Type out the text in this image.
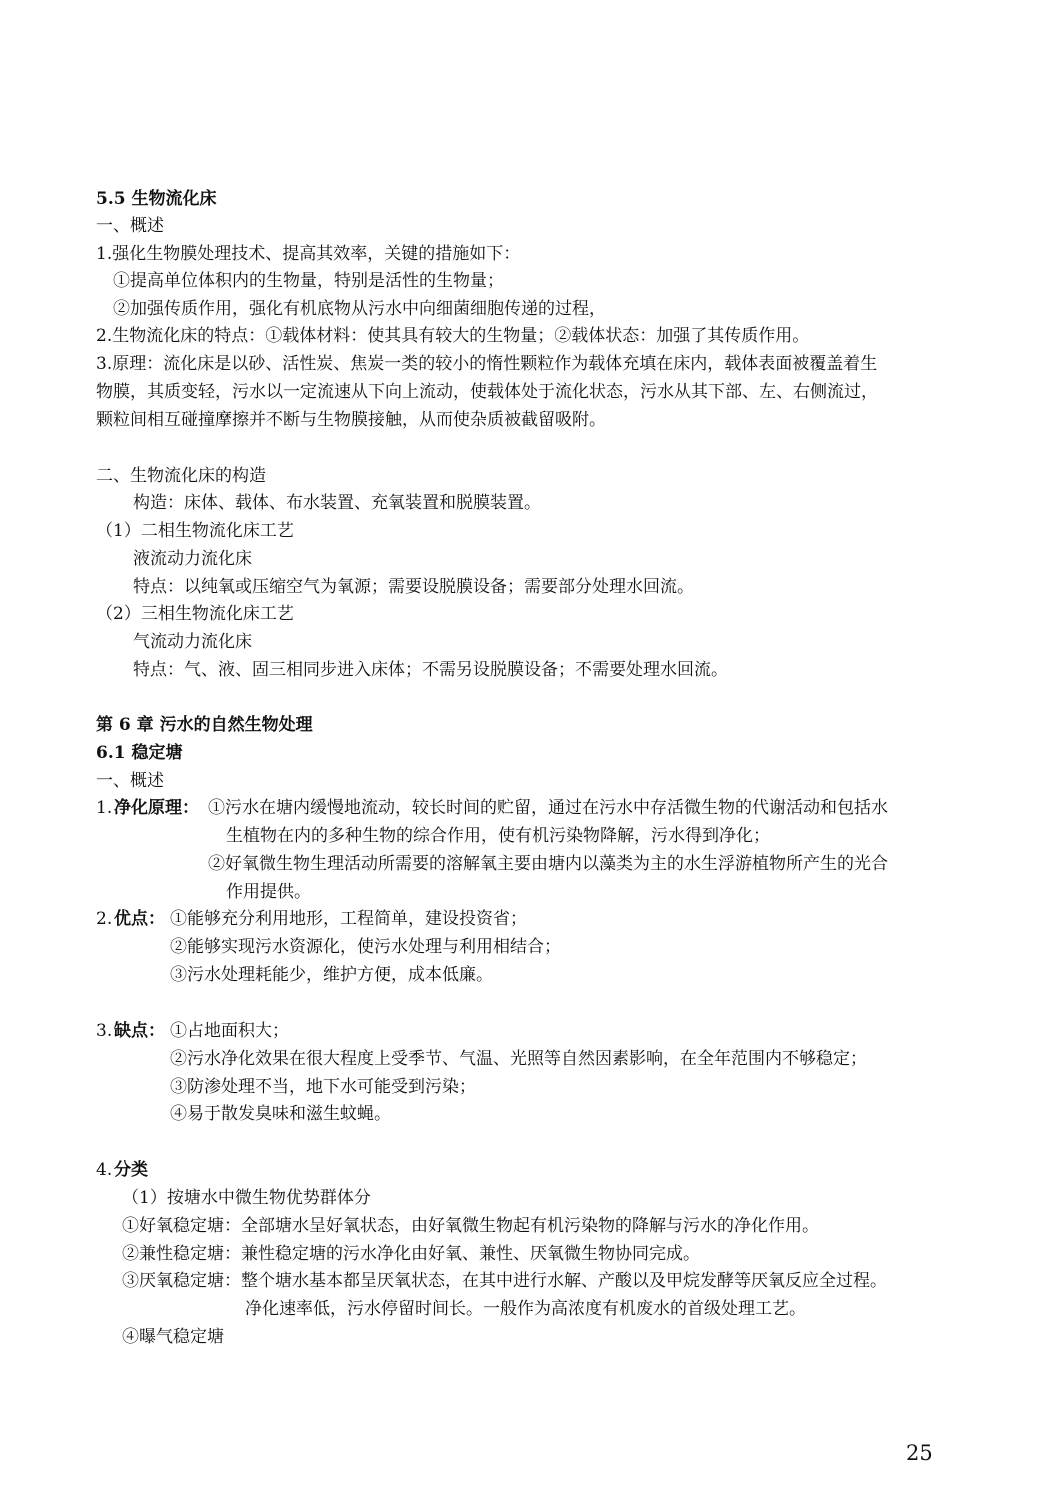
5.5 生物流化床
一、概述
1.强化生物膜处理技术、提高其效率，关键的措施如下：
①提高单位体积内的生物量，特别是活性的生物量；
②加强传质作用，强化有机底物从污水中向细菌细胞传递的过程，
2.生物流化床的特点：①载体材料：使其具有较大的生物量；②载体状态：加强了其传质作用。
3.原理：流化床是以砂、活性炭、焦炭一类的较小的惰性颗粒作为载体充填在床内，载体表面被覆盖着生
物膜，其质变轻，污水以一定流速从下向上流动，使载体处于流化状态，污水从其下部、左、右侧流过，
颗粒间相互碰撞摩擦并不断与生物膜接触，从而使杂质被截留吸附。
二、生物流化床的构造
构造：床体、载体、布水装置、充氧装置和脱膜装置。
（1）二相生物流化床工艺
液流动力流化床
特点：以纯氧或压缩空气为氧源；需要设脱膜设备；需要部分处理水回流。
（2）三相生物流化床工艺
气流动力流化床
特点：气、液、固三相同步进入床体；不需另设脱膜设备；不需要处理水回流。
第 6 章 污水的自然生物处理
6.1 稳定塘
一、概述
1. 净化原理： ①污水在塘内缓慢地流动，较长时间的贮留，通过在污水中存活微生物的代谢活动和包括水
生植物在内的多种生物的综合作用，使有机污染物降解，污水得到净化；
②好氧微生物生理活动所需要的溶解氧主要由塘内以藻类为主的水生浮游植物所产生的光合
作用提供。
2. 优点： ①能够充分利用地形，工程简单，建设投资省；
②能够实现污水资源化，使污水处理与利用相结合；
③污水处理耗能少，维护方便，成本低廉。
3. 缺点： ①占地面积大；
②污水净化效果在很大程度上受季节、气温、光照等自然因素影响，在全年范围内不够稳定；
③防渗处理不当，地下水可能受到污染；
④易于散发臭味和滋生蚊蝇。
4. 分类
（1）按塘水中微生物优势群体分
①好氧稳定塘：全部塘水呈好氧状态，由好氧微生物起有机污染物的降解与污水的净化作用。
②兼性稳定塘：兼性稳定塘的污水净化由好氧、兼性、厌氧微生物协同完成。
③厌氧稳定塘：整个塘水基本都呈厌氧状态，在其中进行水解、产酸以及甲烷发酵等厌氧反应全过程。
净化速率低，污水停留时间长。一般作为高浓度有机废水的首级处理工艺。
④曝气稳定塘
25
